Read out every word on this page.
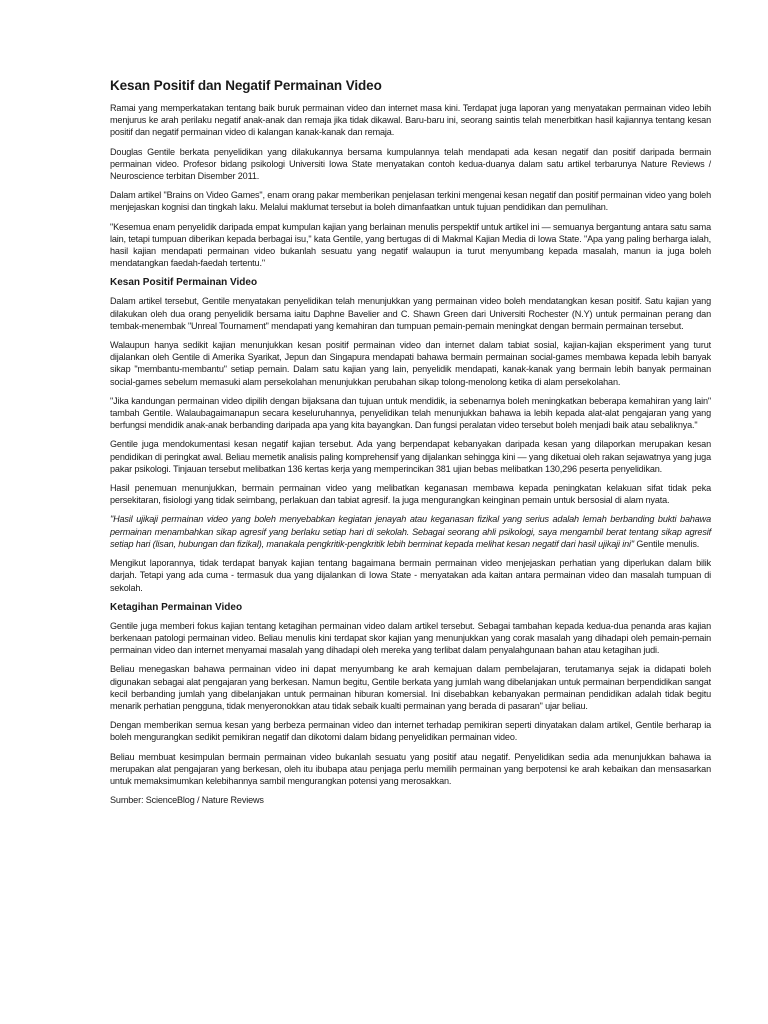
Kesan Positif dan Negatif Permainan Video

Ramai yang memperkatakan tentang baik buruk permainan video dan internet masa kini. Terdapat juga laporan yang menyatakan permainan video lebih menjurus ke arah perilaku negatif anak-anak dan remaja jika tidak dikawal. Baru-baru ini, seorang saintis telah menerbitkan hasil kajiannya tentang kesan positif dan negatif permainan video di kalangan kanak-kanak dan remaja.

Douglas Gentile berkata penyelidikan yang dilakukannya bersama kumpulannya telah mendapati ada kesan negatif dan positif daripada bermain permainan video. Profesor bidang psikologi Universiti Iowa State menyatakan contoh kedua-duanya dalam satu artikel terbarunya Nature Reviews / Neuroscience terbitan Disember 2011.

Dalam artikel "Brains on Video Games", enam orang pakar memberikan penjelasan terkini mengenai kesan negatif dan positif permainan video yang boleh menjejaskan kognisi dan tingkah laku. Melalui maklumat tersebut ia boleh dimanfaatkan untuk tujuan pendidikan dan pemulihan.

"Kesemua enam penyelidik daripada empat kumpulan kajian yang berlainan menulis perspektif untuk artikel ini — semuanya bergantung antara satu sama lain, tetapi tumpuan diberikan kepada berbagai isu," kata Gentile, yang bertugas di di Makmal Kajian Media di Iowa State. "Apa yang paling berharga ialah, hasil kajian mendapati permainan video bukanlah sesuatu yang negatif walaupun ia turut menyumbang kepada masalah, manun ia juga boleh mendatangkan faedah-faedah tertentu."

Kesan Positif Permainan Video

Dalam artikel tersebut, Gentile menyatakan penyelidikan telah menunjukkan yang permainan video boleh mendatangkan kesan positif. Satu kajian yang dilakukan oleh dua orang penyelidik bersama iaitu Daphne Bavelier and C. Shawn Green dari Universiti Rochester (N.Y) untuk permainan perang dan tembak-menembak "Unreal Tournament" mendapati yang kemahiran dan tumpuan pemain-pemain meningkat dengan bermain permainan tersebut.

Walaupun hanya sedikit kajian menunjukkan kesan positif permainan video dan internet dalam tabiat sosial, kajian-kajian eksperiment yang turut dijalankan oleh Gentile di Amerika Syarikat, Jepun dan Singapura mendapati bahawa bermain permainan social-games membawa kepada lebih banyak sikap "membantu-membantu" setiap pemain. Dalam satu kajian yang lain, penyelidik mendapati, kanak-kanak yang bermain lebih banyak permainan social-games sebelum memasuki alam persekolahan menunjukkan perubahan sikap tolong-menolong ketika di alam persekolahan.

"Jika kandungan permainan video dipilih dengan bijaksana dan tujuan untuk mendidik, ia sebenarnya boleh meningkatkan beberapa kemahiran yang lain" tambah Gentile. Walaubagaimanapun secara keseluruhannya, penyelidikan telah menunjukkan bahawa ia lebih kepada alat-alat pengajaran yang yang berfungsi mendidik anak-anak berbanding daripada apa yang kita bayangkan. Dan fungsi peralatan video tersebut boleh menjadi baik atau sebaliknya."

Gentile juga mendokumentasi kesan negatif kajian tersebut. Ada yang berpendapat kebanyakan daripada kesan yang dilaporkan merupakan kesan pendidikan di peringkat awal. Beliau memetik analisis paling komprehensif yang dijalankan sehingga kini — yang diketuai oleh rakan sejawatnya yang juga pakar psikologi. Tinjauan tersebut melibatkan 136 kertas kerja yang memperincikan 381 ujian bebas melibatkan 130,296 peserta penyelidikan.

Hasil penemuan menunjukkan, bermain permainan video yang melibatkan keganasan membawa kepada peningkatan kelakuan sifat tidak peka persekitaran, fisiologi yang tidak seimbang, perlakuan dan tabiat agresif. Ia juga mengurangkan keinginan pemain untuk bersosial di alam nyata.

"Hasil ujikaji permainan video yang boleh menyebabkan kegiatan jenayah atau keganasan fizikal yang serius adalah lemah berbanding bukti bahawa permainan menambahkan sikap agresif yang berlaku setiap hari di sekolah. Sebagai seorang ahli psikologi, saya mengambil berat tentang sikap agresif setiap hari (lisan, hubungan dan fizikal), manakala pengkritik-pengkritik lebih berminat kepada melihat kesan negatif dari hasil ujikaji ini" Gentile menulis.

Mengikut laporannya, tidak terdapat banyak kajian tentang bagaimana bermain permainan video menjejaskan perhatian yang diperlukan dalam bilik darjah. Tetapi yang ada cuma - termasuk dua yang dijalankan di Iowa State - menyatakan ada kaitan antara permainan video dan masalah tumpuan di sekolah.

Ketagihan Permainan Video

Gentile juga memberi fokus kajian tentang ketagihan permainan video dalam artikel tersebut. Sebagai tambahan kepada kedua-dua penanda aras kajian berkenaan patologi permainan video. Beliau menulis kini terdapat skor kajian yang menunjukkan yang corak masalah yang dihadapi oleh pemain-pemain permainan video dan internet menyamai masalah yang dihadapi oleh mereka yang terlibat dalam penyalahgunaan bahan atau ketagihan judi.

Beliau menegaskan bahawa permainan video ini dapat menyumbang ke arah kemajuan dalam pembelajaran, terutamanya sejak ia didapati boleh digunakan sebagai alat pengajaran yang berkesan. Namun begitu, Gentile berkata yang jumlah wang dibelanjakan untuk permainan berpendidikan sangat kecil berbanding jumlah yang dibelanjakan untuk permainan hiburan komersial. Ini disebabkan kebanyakan permainan pendidikan adalah tidak begitu menarik perhatian pengguna, tidak menyeronokkan atau tidak sebaik kualti permainan yang berada di pasaran" ujar beliau.

Dengan memberikan semua kesan yang berbeza permainan video dan internet terhadap pemikiran seperti dinyatakan dalam artikel, Gentile berharap ia boleh mengurangkan sedikit pemikiran negatif dan dikotomi dalam bidang penyelidikan permainan video.

Beliau membuat kesimpulan bermain permainan video bukanlah sesuatu yang positif atau negatif. Penyelidikan sedia ada menunjukkan bahawa ia merupakan alat pengajaran yang berkesan, oleh itu ibubapa atau penjaga perlu memilih permainan yang berpotensi ke arah kebaikan dan mensasarkan untuk memaksimumkan kelebihannya sambil mengurangkan potensi yang merosakkan.

Sumber: ScienceBlog / Nature Reviews
